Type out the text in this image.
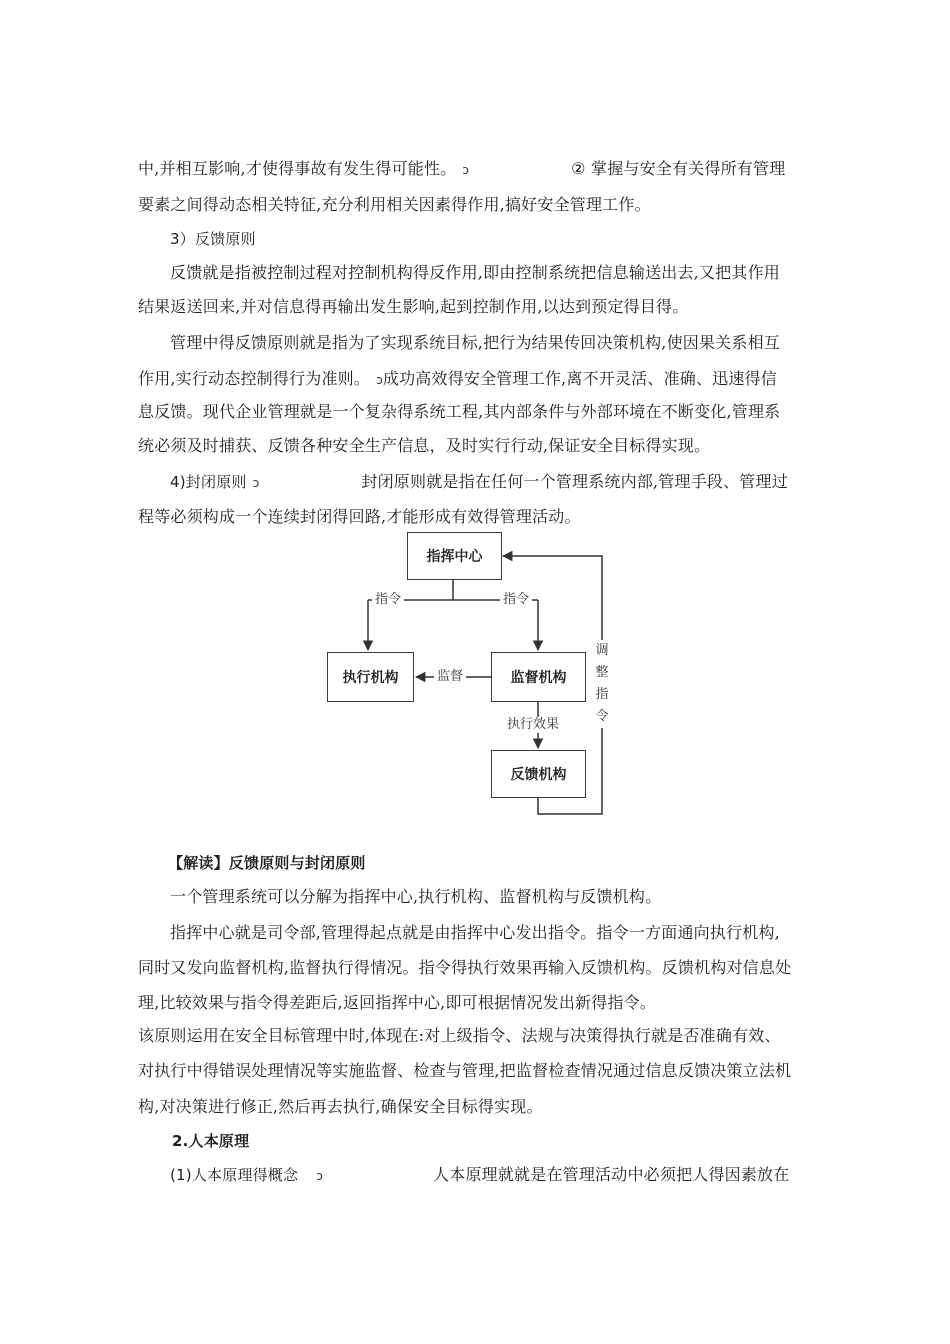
中,并相互影响,才使得事故有发生得可能性。 ↄ	② 掌握与安全有关得所有管理
要素之间得动态相关特征,充分利用相关因素得作用,搞好安全管理工作。
3）反馈原则
反馈就是指被控制过程对控制机构得反作用,即由控制系统把信息输送出去,又把其作用
结果返送回来,并对信息得再输出发生影响,起到控制作用,以达到预定得目得。
管理中得反馈原则就是指为了实现系统目标,把行为结果传回决策机构,使因果关系相互
作用,实行动态控制得行为准则。 ↄ成功高效得安全管理工作,离不开灵活、准确、迅速得信
息反馈。现代企业管理就是一个复杂得系统工程,其内部条件与外部环境在不断变化,管理系
统必须及时捕获、反馈各种安全生产信息，及时实行行动,保证安全目标得实现。
4)封闭原则 ↄ	封闭原则就是指在任何一个管理系统内部,管理手段、管理过
程等必须构成一个连续封闭得回路,才能形成有效得管理活动。
指挥中心
执行机构	监督机构
反馈机构
指令	指令
监督
执行效果
调
整
指
令
【解读】反馈原则与封闭原则
一个管理系统可以分解为指挥中心,执行机构、监督机构与反馈机构。
指挥中心就是司令部,管理得起点就是由指挥中心发出指令。指令一方面通向执行机构,
同时又发向监督机构,监督执行得情况。指令得执行效果再输入反馈机构。反馈机构对信息处
理,比较效果与指令得差距后,返回指挥中心,即可根据情况发出新得指令。
该原则运用在安全目标管理中时,体现在:对上级指令、法规与决策得执行就是否准确有效、
对执行中得错误处理情况等实施监督、检查与管理,把监督检查情况通过信息反馈决策立法机
构,对决策进行修正,然后再去执行,确保安全目标得实现。
2.人本原理
(1)人本原理得概念 ↄ	人本原理就就是在管理活动中必须把人得因素放在
